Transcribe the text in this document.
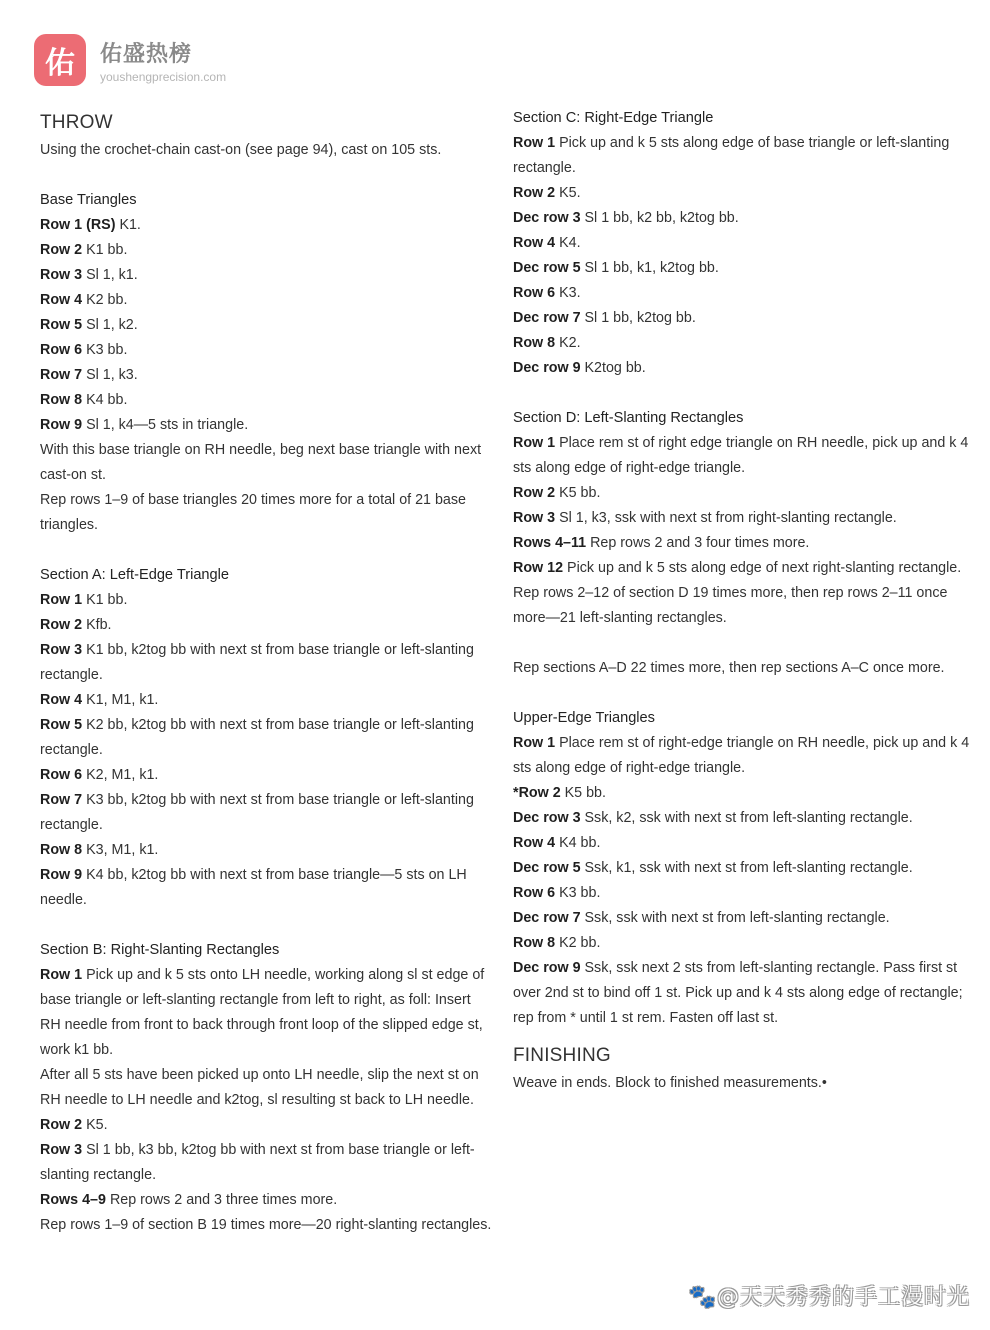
佑	佑盛热榜
youshengprecision.com
THROW
Using the crochet-chain cast-on (see page 94), cast on 105 sts.
Base Triangles
Row 1 (RS) K1.
Row 2 K1 bb.
Row 3 Sl 1, k1.
Row 4 K2 bb.
Row 5 Sl 1, k2.
Row 6 K3 bb.
Row 7 Sl 1, k3.
Row 8 K4 bb.
Row 9 Sl 1, k4—5 sts in triangle.
With this base triangle on RH needle, beg next base triangle with next cast-on st.
Rep rows 1–9 of base triangles 20 times more for a total of 21 base triangles.
Section A: Left-Edge Triangle
Row 1 K1 bb.
Row 2 Kfb.
Row 3 K1 bb, k2tog bb with next st from base triangle or left-slanting rectangle.
Row 4 K1, M1, k1.
Row 5 K2 bb, k2tog bb with next st from base triangle or left-slanting rectangle.
Row 6 K2, M1, k1.
Row 7 K3 bb, k2tog bb with next st from base triangle or left-slanting rectangle.
Row 8 K3, M1, k1.
Row 9 K4 bb, k2tog bb with next st from base triangle—5 sts on LH needle.
Section B: Right-Slanting Rectangles
Row 1 Pick up and k 5 sts onto LH needle, working along sl st edge of base triangle or left-slanting rectangle from left to right, as foll: Insert RH needle from front to back through front loop of the slipped edge st, work k1 bb.
After all 5 sts have been picked up onto LH needle, slip the next st on RH needle to LH needle and k2tog, sl resulting st back to LH needle.
Row 2 K5.
Row 3 Sl 1 bb, k3 bb, k2tog bb with next st from base triangle or left-slanting rectangle.
Rows 4–9 Rep rows 2 and 3 three times more.
Rep rows 1–9 of section B 19 times more—20 right-slanting rectangles.
Section C: Right-Edge Triangle
Row 1 Pick up and k 5 sts along edge of base triangle or left-slanting rectangle.
Row 2 K5.
Dec row 3 Sl 1 bb, k2 bb, k2tog bb.
Row 4 K4.
Dec row 5 Sl 1 bb, k1, k2tog bb.
Row 6 K3.
Dec row 7 Sl 1 bb, k2tog bb.
Row 8 K2.
Dec row 9 K2tog bb.
Section D: Left-Slanting Rectangles
Row 1 Place rem st of right edge triangle on RH needle, pick up and k 4 sts along edge of right-edge triangle.
Row 2 K5 bb.
Row 3 Sl 1, k3, ssk with next st from right-slanting rectangle.
Rows 4–11 Rep rows 2 and 3 four times more.
Row 12 Pick up and k 5 sts along edge of next right-slanting rectangle.
Rep rows 2–12 of section D 19 times more, then rep rows 2–11 once more—21 left-slanting rectangles.
Rep sections A–D 22 times more, then rep sections A–C once more.
Upper-Edge Triangles
Row 1 Place rem st of right-edge triangle on RH needle, pick up and k 4 sts along edge of right-edge triangle.
*Row 2 K5 bb.
Dec row 3 Ssk, k2, ssk with next st from left-slanting rectangle.
Row 4 K4 bb.
Dec row 5 Ssk, k1, ssk with next st from left-slanting rectangle.
Row 6 K3 bb.
Dec row 7 Ssk, ssk with next st from left-slanting rectangle.
Row 8 K2 bb.
Dec row 9 Ssk, ssk next 2 sts from left-slanting rectangle. Pass first st over 2nd st to bind off 1 st. Pick up and k 4 sts along edge of rectangle; rep from * until 1 st rem. Fasten off last st.
FINISHING
Weave in ends. Block to finished measurements.•
🐾@天天秀秀的手工漫时光
